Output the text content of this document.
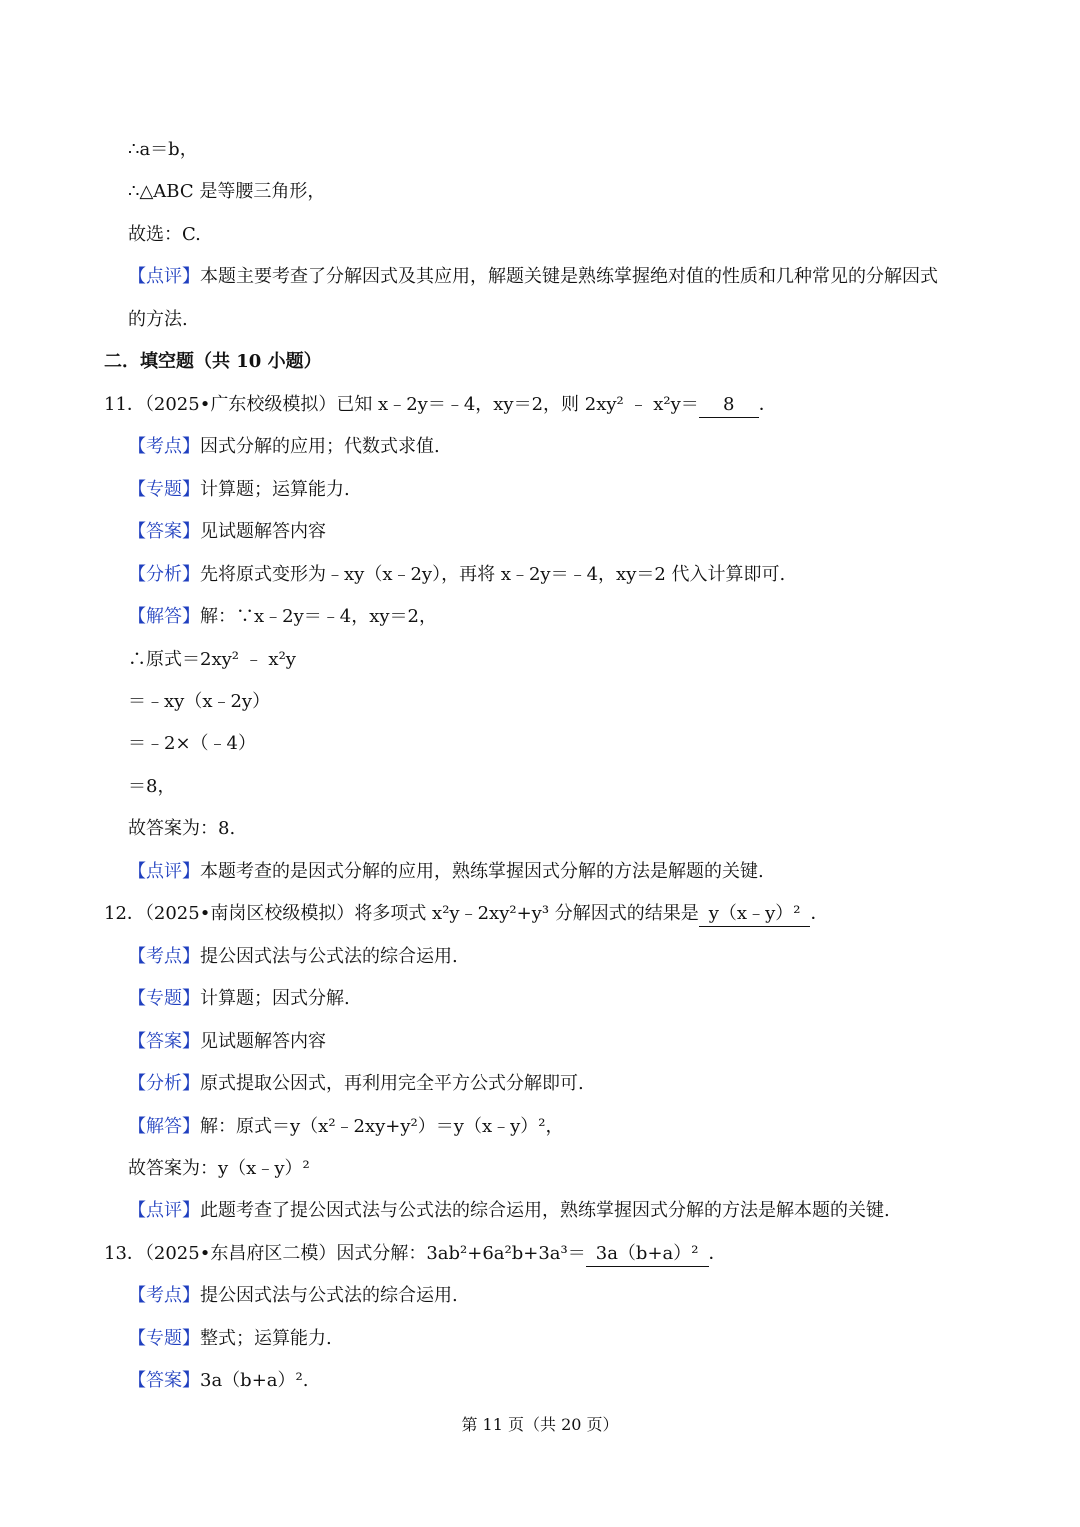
∴a＝b，
∴△ABC 是等腰三角形，
故选：C.
【点评】本题主要考查了分解因式及其应用，解题关键是熟练掌握绝对值的性质和几种常见的分解因式
的方法.
二．填空题（共 10 小题）
11．（2025•广东校级模拟）已知 x﹣2y＝﹣4，xy＝2，则 2xy² ﹣ x²y＝ 8 ．
【考点】因式分解的应用；代数式求值.
【专题】计算题；运算能力.
【答案】见试题解答内容
【分析】先将原式变形为﹣xy（x﹣2y），再将 x﹣2y＝﹣4，xy＝2 代入计算即可.
【解答】解：∵x﹣2y＝﹣4，xy＝2，
∴原式＝2xy² ﹣ x²y
＝﹣xy（x﹣2y）
＝﹣2×（﹣4）
＝8，
故答案为：8.
【点评】本题考查的是因式分解的应用，熟练掌握因式分解的方法是解题的关键.
12．（2025•南岗区校级模拟）将多项式 x²y﹣2xy²+y³ 分解因式的结果是 y（x﹣y）² ．
【考点】提公因式法与公式法的综合运用.
【专题】计算题；因式分解.
【答案】见试题解答内容
【分析】原式提取公因式，再利用完全平方公式分解即可.
【解答】解：原式＝y（x²﹣2xy+y²）＝y（x﹣y）²，
故答案为：y（x﹣y）²
【点评】此题考查了提公因式法与公式法的综合运用，熟练掌握因式分解的方法是解本题的关键.
13．（2025•东昌府区二模）因式分解：3ab²+6a²b+3a³＝ 3a（b+a）² ．
【考点】提公因式法与公式法的综合运用.
【专题】整式；运算能力.
【答案】3a（b+a）².
第 11 页（共 20 页）
